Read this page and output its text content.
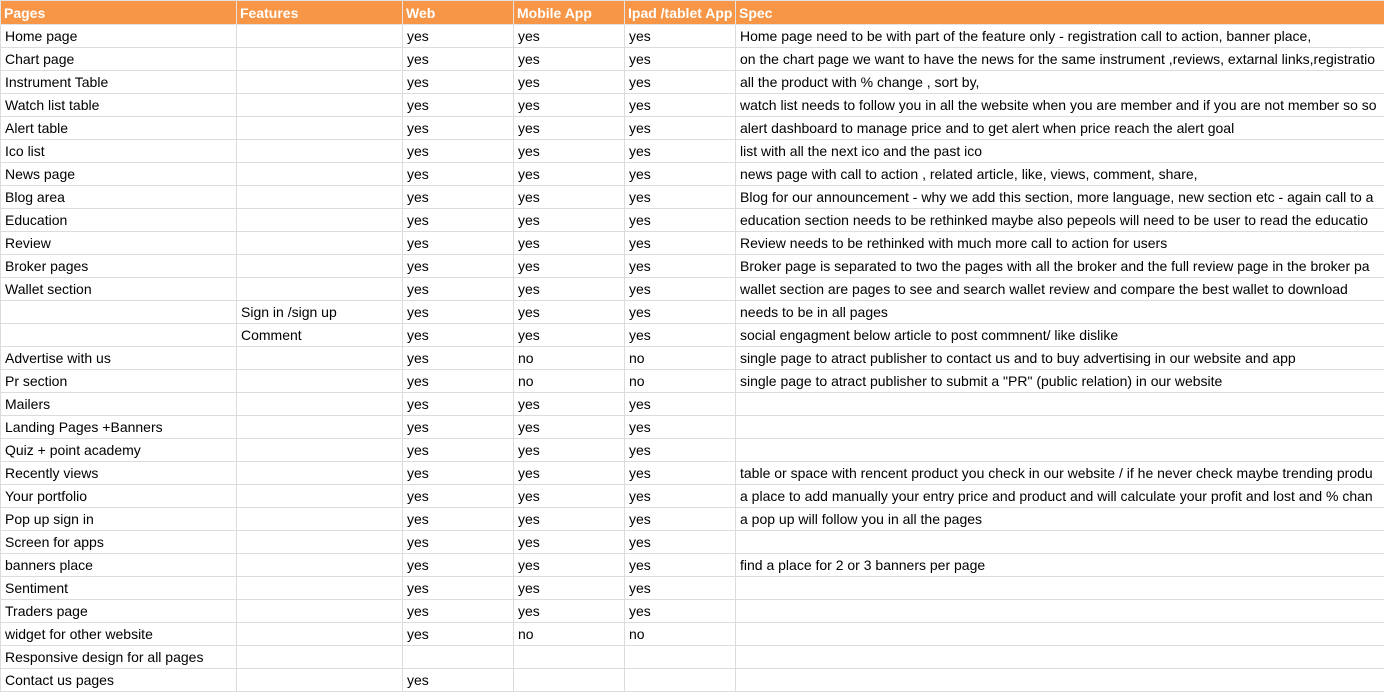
Pages	Features	Web	Mobile App	Ipad /tablet App	Spec
Home page		yes	yes	yes	Home page need to be with part of the feature only - registration call to action, banner place,
Chart page		yes	yes	yes	on the chart page we want to have the news for the same instrument ,reviews, extarnal links,registratio
Instrument Table		yes	yes	yes	all the product with % change , sort by,
Watch list table		yes	yes	yes	watch list needs to follow you in all the website when you are member and if you are not member so so
Alert table		yes	yes	yes	alert dashboard to manage price and to get alert when price reach the alert goal
Ico list		yes	yes	yes	list with all the next ico and the past ico
News page		yes	yes	yes	news page with call to action , related article, like, views, comment, share,
Blog area		yes	yes	yes	Blog for our announcement - why we add this section, more language, new section etc - again call to a
Education		yes	yes	yes	education section needs to be rethinked maybe also pepeols will need to be user to read the educatio
Review		yes	yes	yes	Review needs to be rethinked with much more call to action for users
Broker pages		yes	yes	yes	Broker page is separated to two the pages with all the broker and the full review page in the broker pa
Wallet section		yes	yes	yes	wallet section are pages to see and search wallet review and compare the best wallet to download
	Sign in /sign up	yes	yes	yes	needs to be in all pages
	Comment	yes	yes	yes	social engagment below article to post commnent/ like dislike
Advertise with us		yes	no	no	single page to atract publisher to contact us and to buy advertising in our website and app
Pr section		yes	no	no	single page to atract publisher to submit a "PR" (public relation) in our website
Mailers		yes	yes	yes	
Landing Pages +Banners		yes	yes	yes	
Quiz + point academy		yes	yes	yes	
Recently views		yes	yes	yes	table or space with rencent product you check in our website / if he never check maybe trending produ
Your portfolio		yes	yes	yes	a place to add manually your entry price and product and will calculate your profit and lost and % chan
Pop up sign in		yes	yes	yes	a pop up will follow you in all the pages
Screen for apps		yes	yes	yes	
banners place		yes	yes	yes	find a place for 2 or 3 banners per page
Sentiment		yes	yes	yes	
Traders page		yes	yes	yes	
widget for other website		yes	no	no	
Responsive design for all pages					
Contact us pages		yes			
